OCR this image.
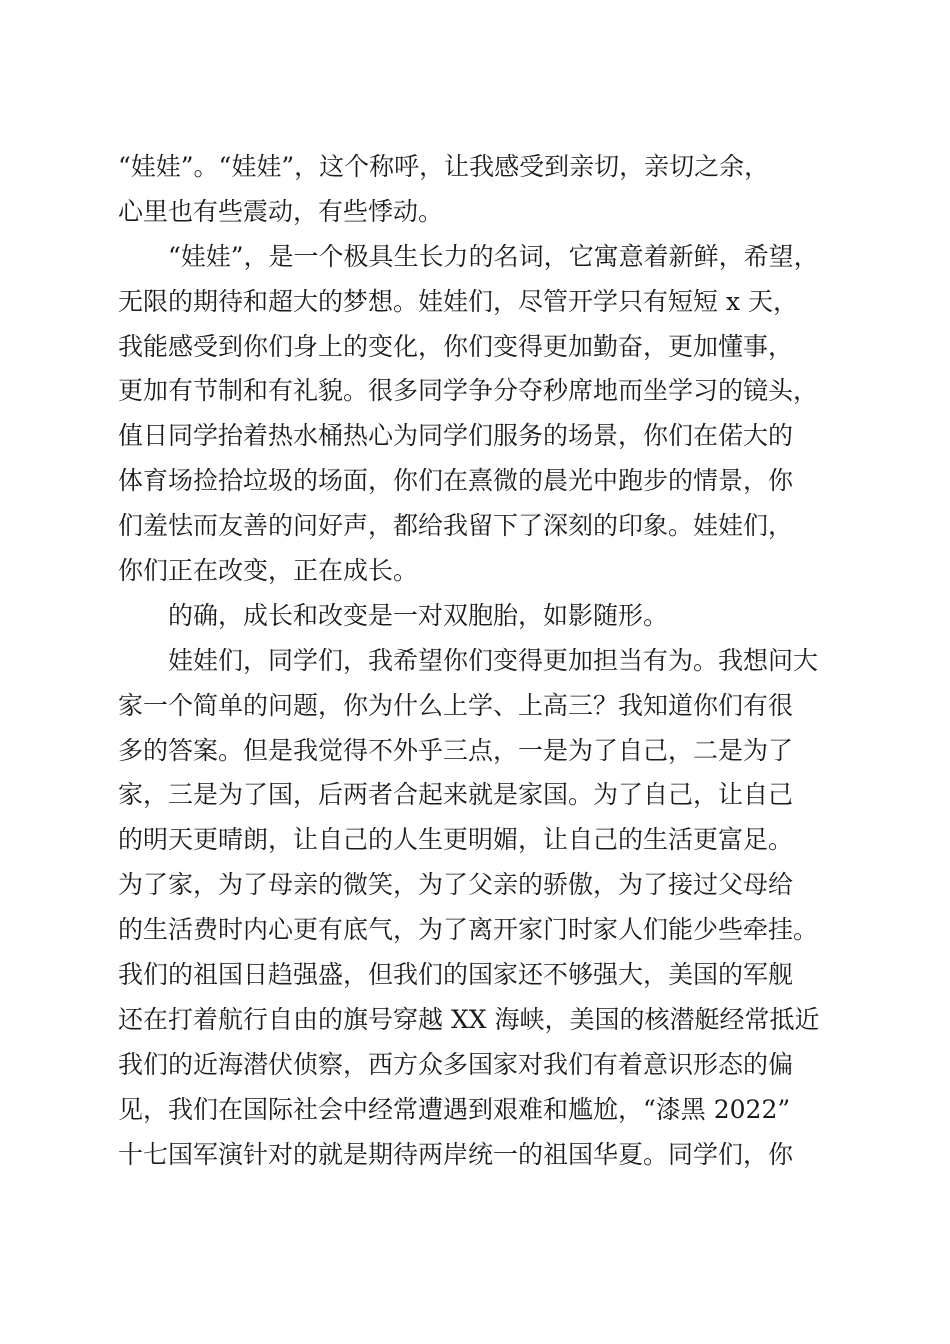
“娃娃”。“娃娃”，这个称呼，让我感受到亲切，亲切之余，
心里也有些震动，有些悸动。
“娃娃”，是一个极具生长力的名词，它寓意着新鲜，希望，
无限的期待和超大的梦想。娃娃们，尽管开学只有短短 x 天，
我能感受到你们身上的变化，你们变得更加勤奋，更加懂事，
更加有节制和有礼貌。很多同学争分夺秒席地而坐学习的镜头，
值日同学抬着热水桶热心为同学们服务的场景，你们在偌大的
体育场捡拾垃圾的场面，你们在熹微的晨光中跑步的情景，你
们羞怯而友善的问好声，都给我留下了深刻的印象。娃娃们，
你们正在改变，正在成长。
的确，成长和改变是一对双胞胎，如影随形。
娃娃们，同学们，我希望你们变得更加担当有为。我想问大
家一个简单的问题，你为什么上学、上高三？我知道你们有很
多的答案。但是我觉得不外乎三点，一是为了自己，二是为了
家，三是为了国，后两者合起来就是家国。为了自己，让自己
的明天更晴朗，让自己的人生更明媚，让自己的生活更富足。
为了家，为了母亲的微笑，为了父亲的骄傲，为了接过父母给
的生活费时内心更有底气，为了离开家门时家人们能少些牵挂。
我们的祖国日趋强盛，但我们的国家还不够强大，美国的军舰
还在打着航行自由的旗号穿越 XX 海峡，美国的核潜艇经常抵近
我们的近海潜伏侦察，西方众多国家对我们有着意识形态的偏
见，我们在国际社会中经常遭遇到艰难和尴尬，“漆黑 2022”
十七国军演针对的就是期待两岸统一的祖国华夏。同学们，你
